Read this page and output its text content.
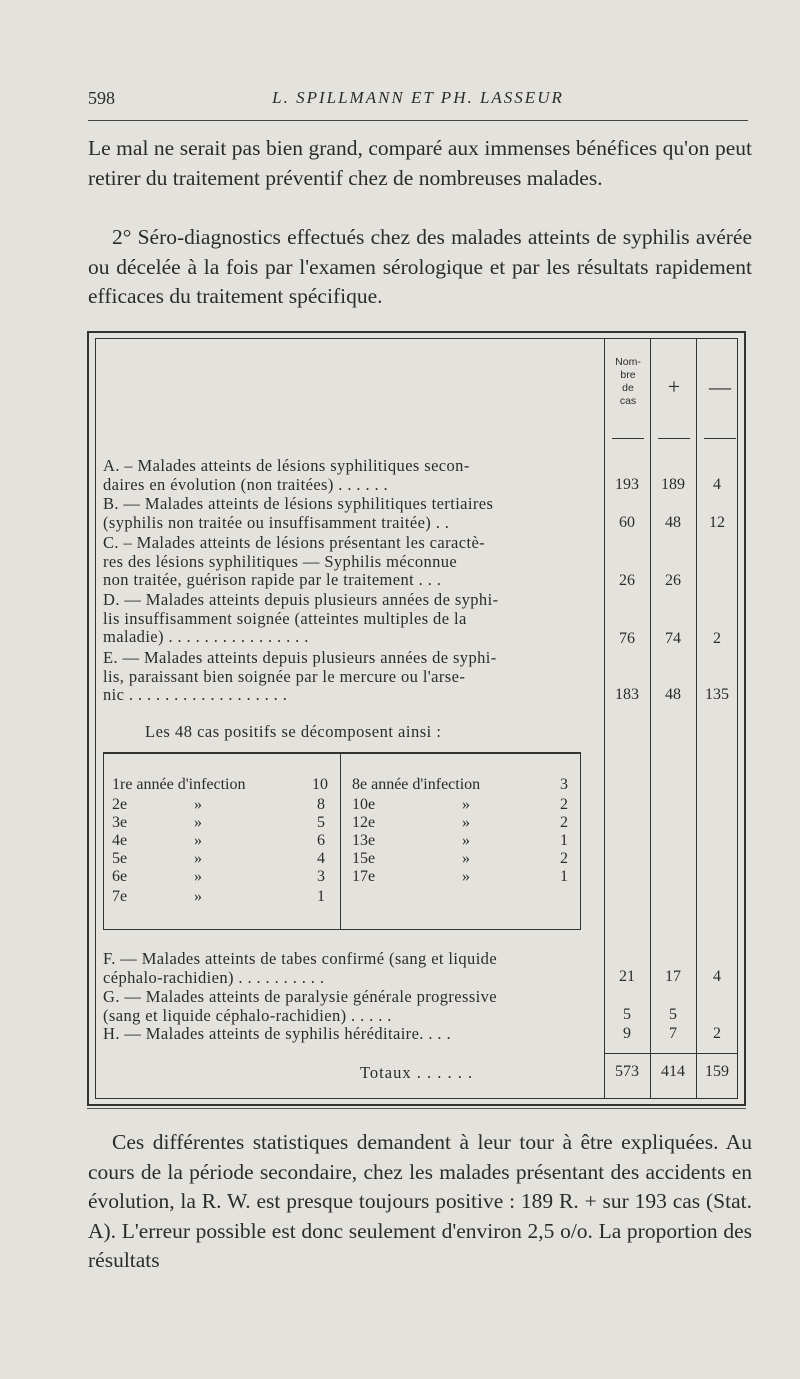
598	L. SPILLMANN ET PH. LASSEUR
Le mal ne serait pas bien grand, comparé aux immenses bénéfices qu'on peut retirer du traitement préventif chez de nombreuses malades.
2° Séro-diagnostics effectués chez des malades atteints de syphilis avérée ou décelée à la fois par l'examen sérologique et par les résultats rapidement efficaces du traitement spécifique.
Nom-
bre
de
cas
+	—
A. – Malades atteints de lésions syphilitiques secon-
daires en évolution (non traitées) . . . . . .	193	189	4
B. — Malades atteints de lésions syphilitiques tertiaires
(syphilis non traitée ou insuffisamment traitée) . .	60	48	12
C. – Malades atteints de lésions présentant les caractè-
res des lésions syphilitiques — Syphilis méconnue
non traitée, guérison rapide par le traitement . . .	26	26
D. — Malades atteints depuis plusieurs années de syphi-
lis insuffisamment soignée (atteintes multiples de la
maladie) . . . . . . . . . . . . . . . .	76	74	2
E. — Malades atteints depuis plusieurs années de syphi-
lis, paraissant bien soignée par le mercure ou l'arse-
nic . . . . . . . . . . . . . . . . . .	183	48	135
Les 48 cas positifs se décomposent ainsi :
1re année d'infection	10
2e	»	8
3e	»	5
4e	»	6
5e	»	4
6e	»	3
7e	»	1
8e année d'infection	3
10e	»	2
12e	»	2
13e	»	1
15e	»	2
17e	»	1
F. — Malades atteints de tabes confirmé (sang et liquide
céphalo-rachidien) . . . . . . . . . .	21	17	4
G. — Malades atteints de paralysie générale progressive
(sang et liquide céphalo-rachidien) . . . . .	5	5
H. — Malades atteints de syphilis héréditaire. . . .	9	7	2
Totaux . . . . . .	573	414	159
Ces différentes statistiques demandent à leur tour à être expliquées. Au cours de la période secondaire, chez les malades présentant des accidents en évolution, la R. W. est presque toujours positive : 189 R. + sur 193 cas (Stat. A). L'erreur possible est donc seulement d'environ 2,5 o/o. La proportion des résultats
